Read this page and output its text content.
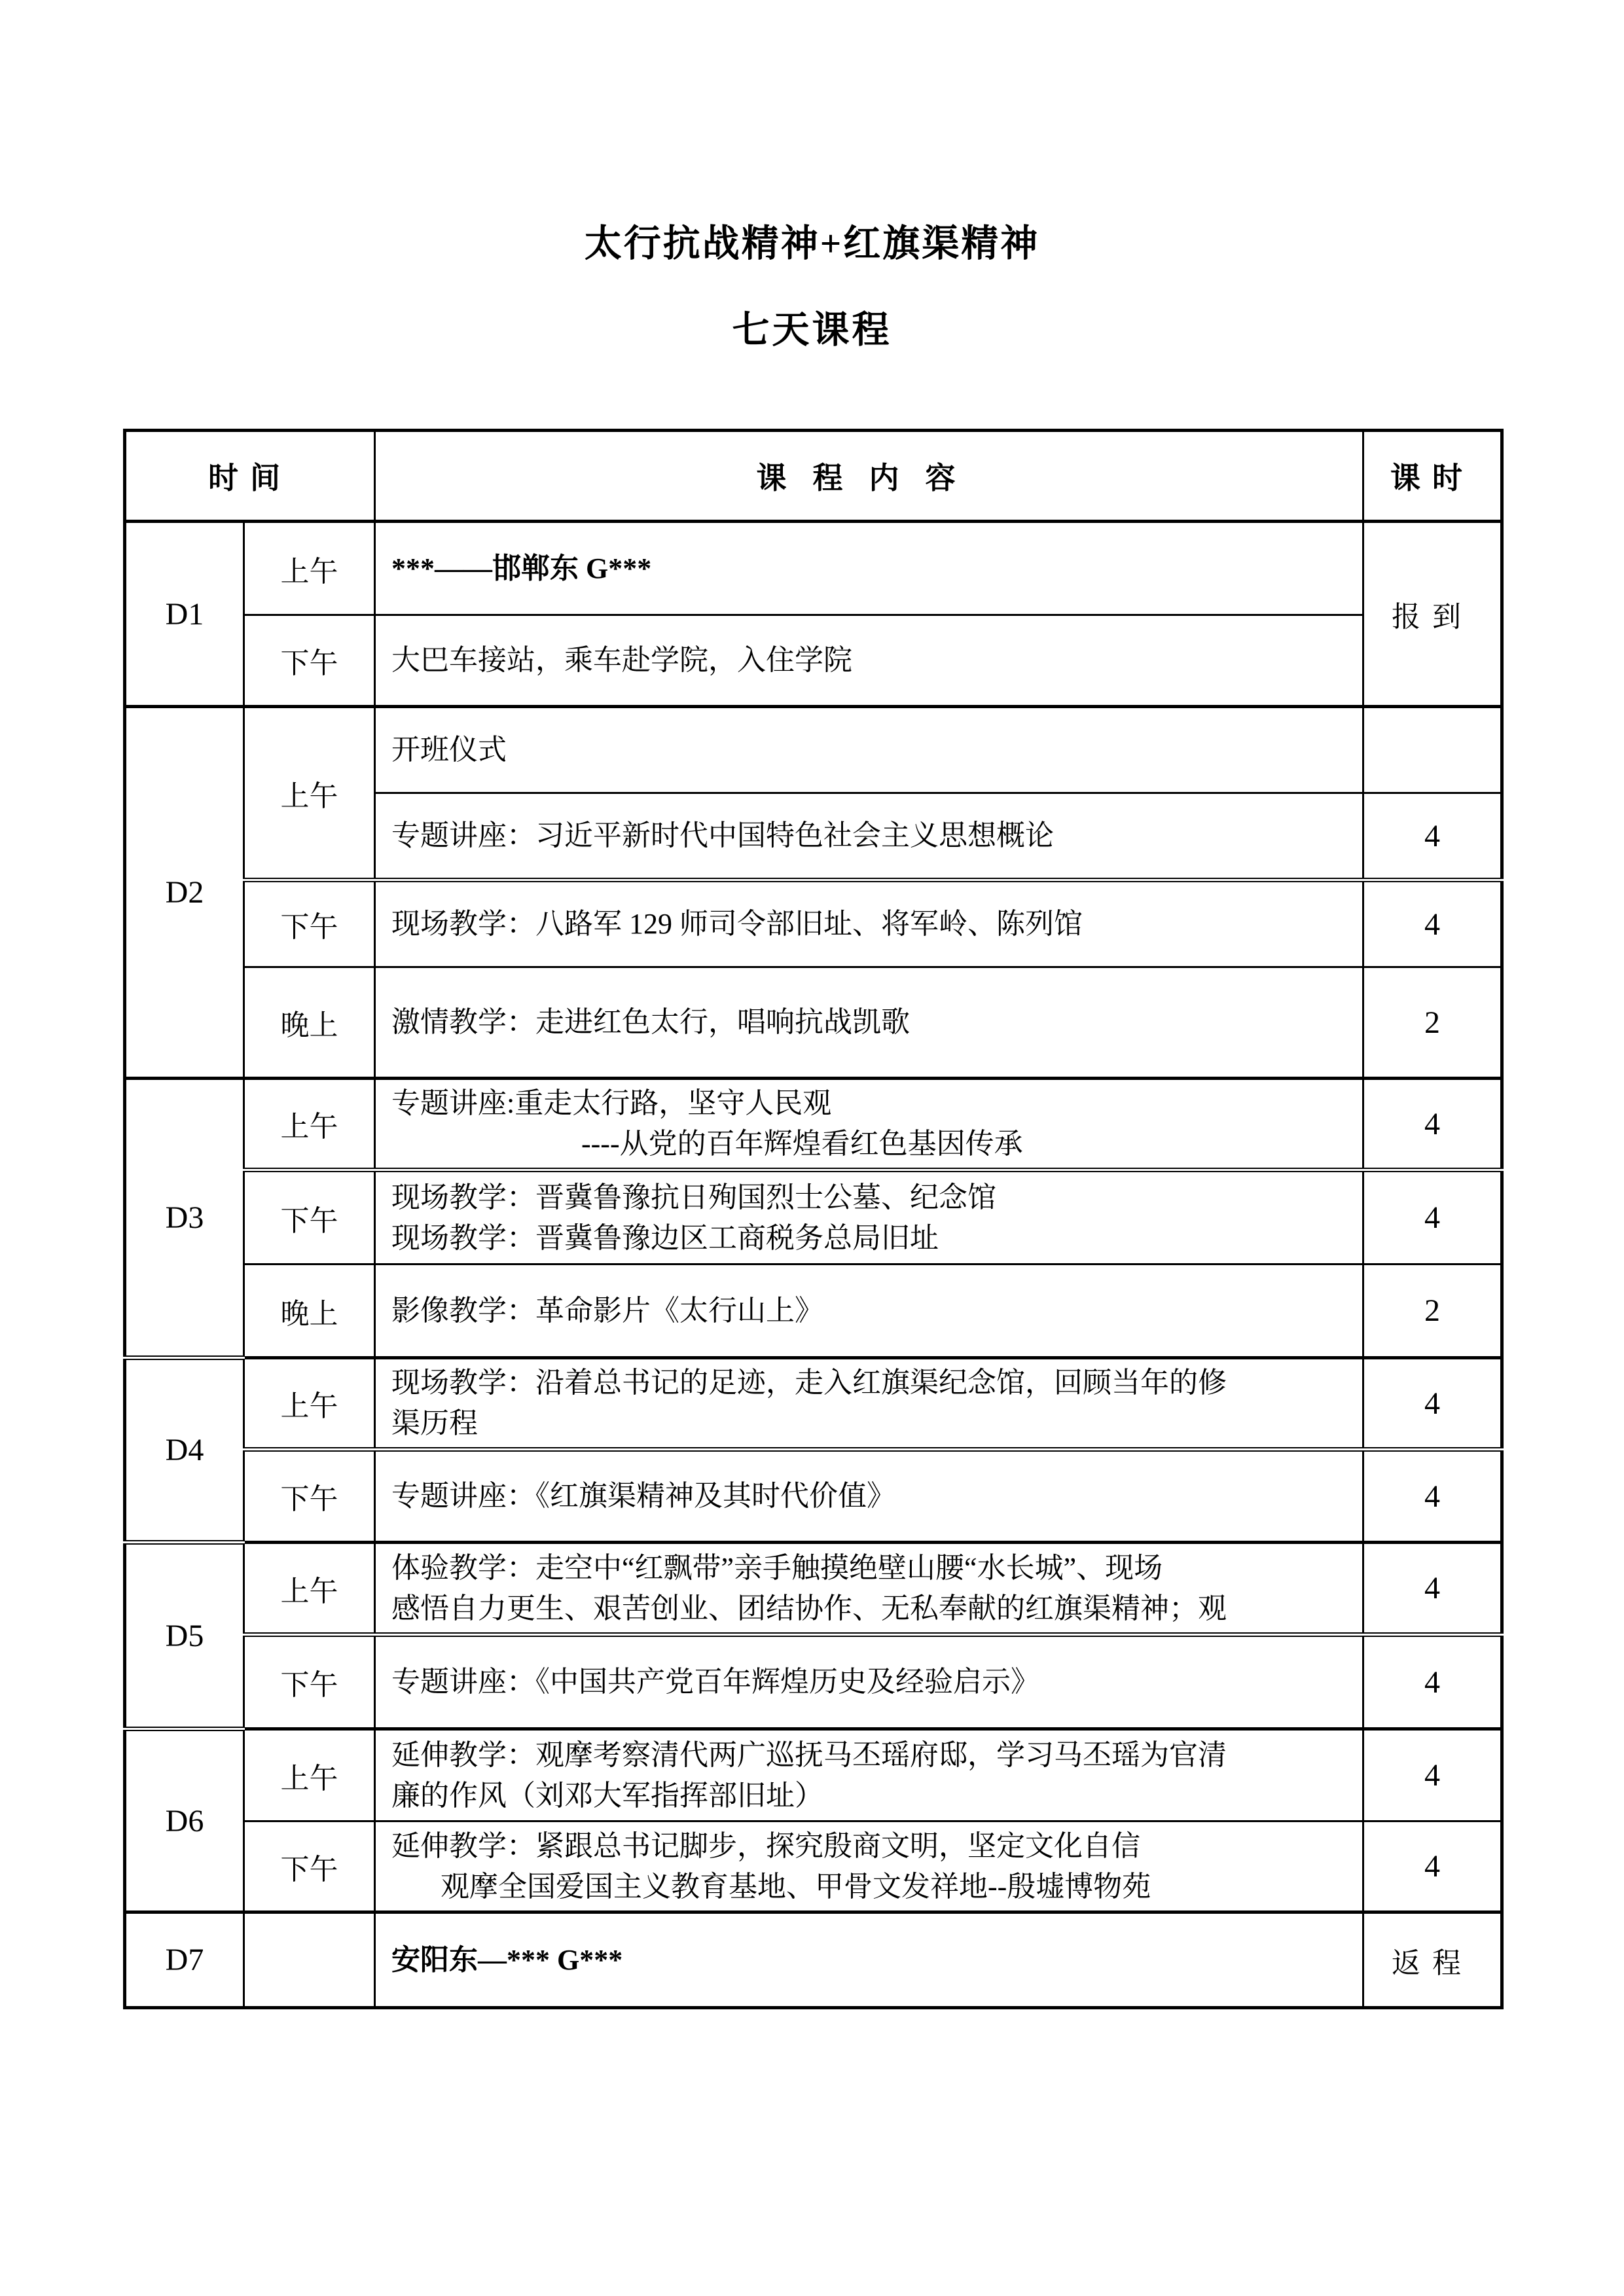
太行抗战精神+红旗渠精神
七天课程
时间		课程内容	课时
D1	上午	***——邯郸东 G***	报到
	下午	大巴车接站，乘车赴学院，入住学院	

D2	上午	开班仪式	

		专题讲座：习近平新时代中国特色社会主义思想概论	4
	下午	现场教学：八路军 129 师司令部旧址、将军岭、陈列馆	4
	晚上	激情教学：走进红色太行，唱响抗战凯歌	2
D3	上午	专题讲座:重走太行路，坚守人民观
----从党的百年辉煌看红色基因传承	4
	下午	现场教学：晋冀鲁豫抗日殉国烈士公墓、纪念馆
现场教学：晋冀鲁豫边区工商税务总局旧址	4
	晚上	影像教学：革命影片《太行山上》	2
D4	上午	现场教学：沿着总书记的足迹，走入红旗渠纪念馆，回顾当年的修
渠历程	4
	下午	专题讲座：《红旗渠精神及其时代价值》	4
D5	上午	体验教学：走空中“红飘带”亲手触摸绝壁山腰“水长城”、现场
感悟自力更生、艰苦创业、团结协作、无私奉献的红旗渠精神；观	4
	下午	专题讲座：《中国共产党百年辉煌历史及经验启示》	4
D6	上午	延伸教学：观摩考察清代两广巡抚马丕瑶府邸，学习马丕瑶为官清
廉的作风（刘邓大军指挥部旧址）	4
	下午	延伸教学：紧跟总书记脚步，探究殷商文明，坚定文化自信
观摩全国爱国主义教育基地、甲骨文发祥地--殷墟博物苑	4
D7		安阳东—*** G***	返程
